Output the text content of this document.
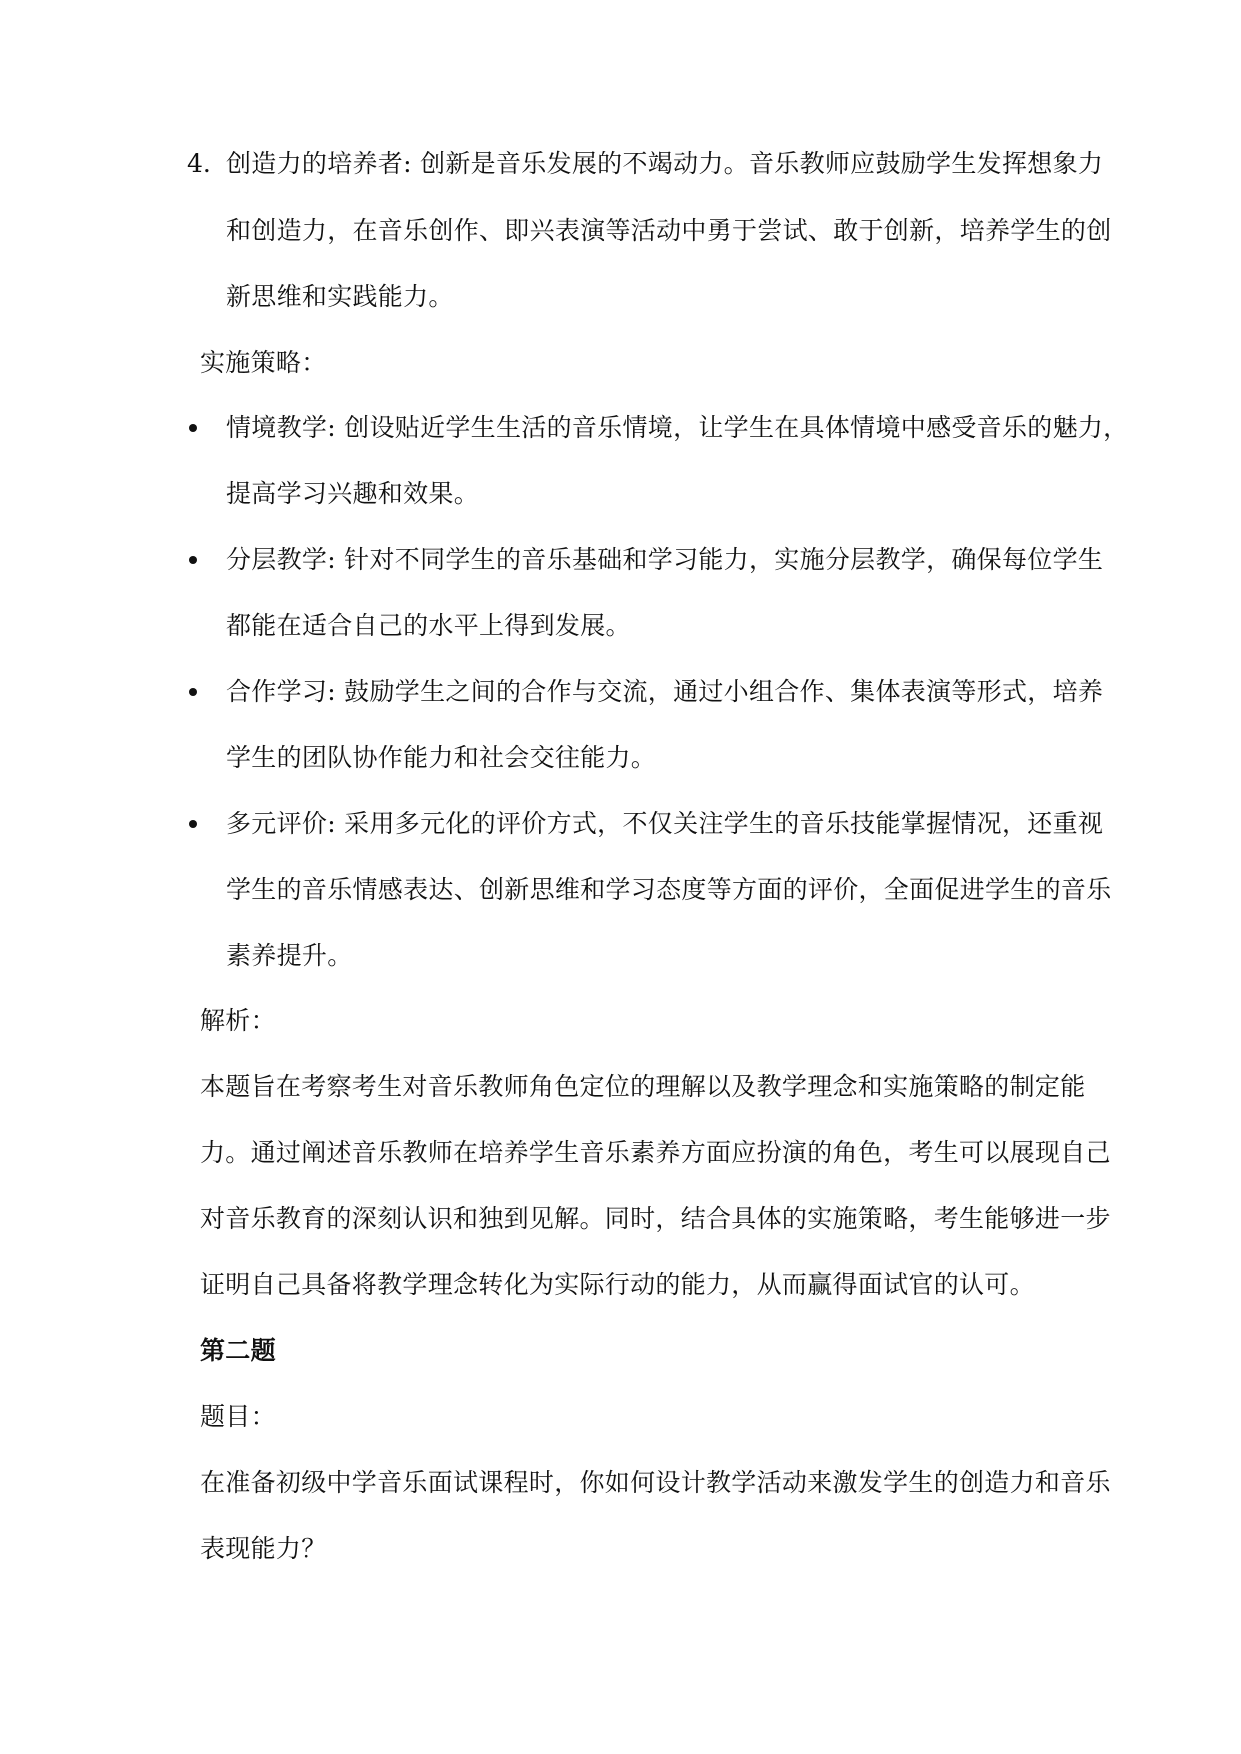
4. 创造力的培养者: 创新是音乐发展的不竭动力。音乐教师应鼓励学生发挥想象力
和创造力，在音乐创作、即兴表演等活动中勇于尝试、敢于创新，培养学生的创
新思维和实践能力。
实施策略：
情境教学: 创设贴近学生生活的音乐情境，让学生在具体情境中感受音乐的魅力，
提高学习兴趣和效果。
分层教学: 针对不同学生的音乐基础和学习能力，实施分层教学，确保每位学生
都能在适合自己的水平上得到发展。
合作学习: 鼓励学生之间的合作与交流，通过小组合作、集体表演等形式，培养
学生的团队协作能力和社会交往能力。
多元评价: 采用多元化的评价方式，不仅关注学生的音乐技能掌握情况，还重视
学生的音乐情感表达、创新思维和学习态度等方面的评价，全面促进学生的音乐
素养提升。
解析：
本题旨在考察考生对音乐教师角色定位的理解以及教学理念和实施策略的制定能
力。通过阐述音乐教师在培养学生音乐素养方面应扮演的角色，考生可以展现自己
对音乐教育的深刻认识和独到见解。同时，结合具体的实施策略，考生能够进一步
证明自己具备将教学理念转化为实际行动的能力，从而赢得面试官的认可。
第二题
题目：
在准备初级中学音乐面试课程时，你如何设计教学活动来激发学生的创造力和音乐
表现能力？
